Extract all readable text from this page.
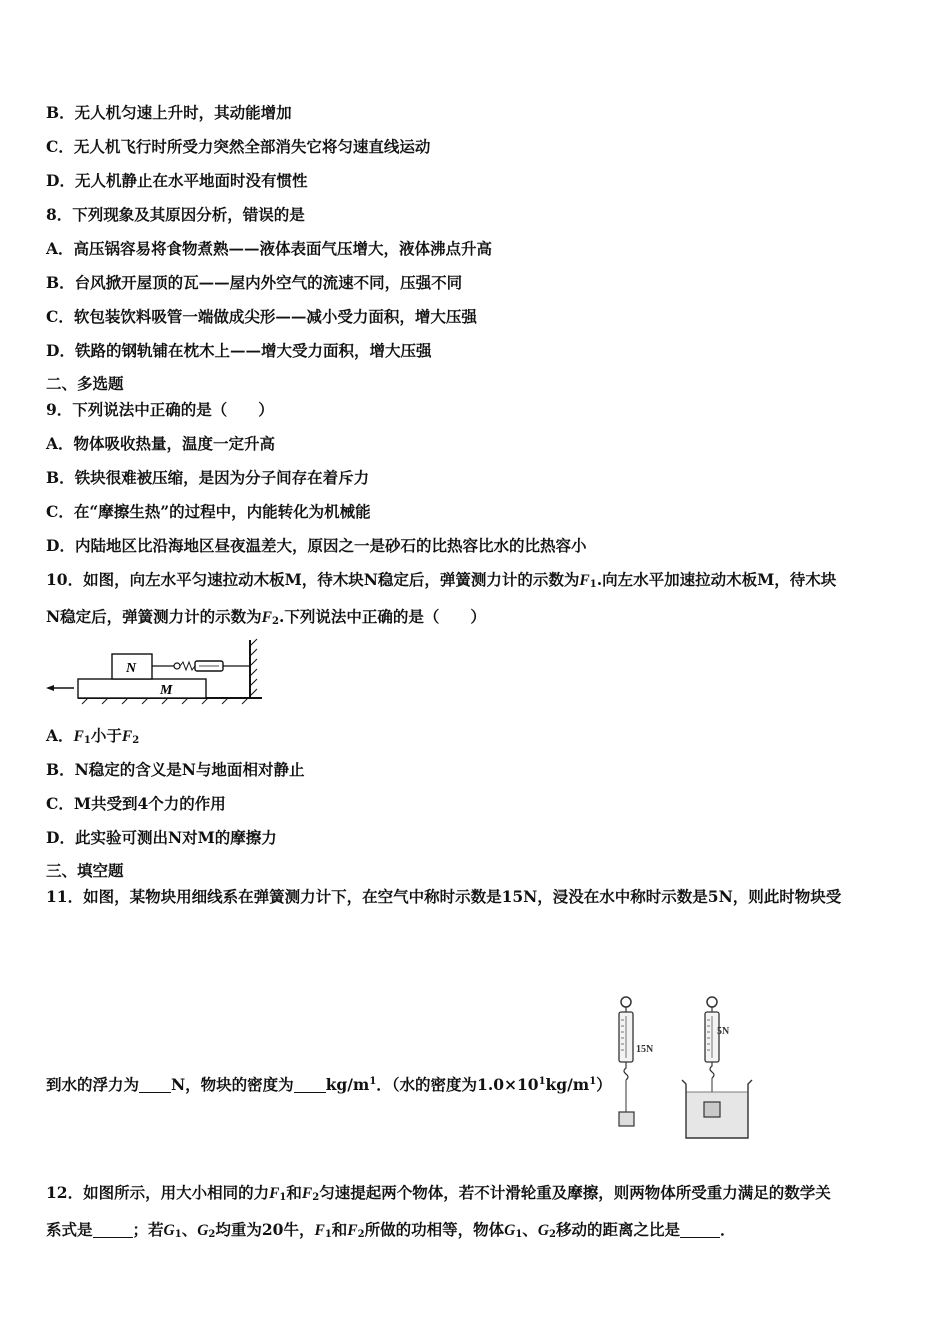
B．无人机匀速上升时，其动能增加
C．无人机飞行时所受力突然全部消失它将匀速直线运动
D．无人机静止在水平地面时没有惯性
8．下列现象及其原因分析，错误的是
A．高压锅容易将食物煮熟——液体表面气压增大，液体沸点升高
B．台风掀开屋顶的瓦——屋内外空气的流速不同，压强不同
C．软包装饮料吸管一端做成尖形——减小受力面积，增大压强
D．铁路的钢轨铺在枕木上——增大受力面积，增大压强
二、多选题
9．下列说法中正确的是（　　）
A．物体吸收热量，温度一定升高
B．铁块很难被压缩，是因为分子间存在着斥力
C．在“摩擦生热”的过程中，内能转化为机械能
D．内陆地区比沿海地区昼夜温差大，原因之一是砂石的比热容比水的比热容小
10．如图，向左水平匀速拉动木板M，待木块N稳定后，弹簧测力计的示数为$F_1$.向左水平加速拉动木板M，待木块
N稳定后，弹簧测力计的示数为$F_2$.下列说法中正确的是（　　）
M
N
A．$F_1$小于$F_2$
B．N稳定的含义是N与地面相对静止
C．M共受到4个力的作用
D．此实验可测出N对M的摩擦力
三、填空题
11．如图，某物块用细线系在弹簧测力计下，在空气中称时示数是15N，浸没在水中称时示数是5N，则此时物块受
到水的浮力为 N，物块的密度为 $kg/m^1$．（水的密度为$1.0\times 10^1kg/m^1$）
15N
5N
12．如图所示，用大小相同的力$F_1$和$F_2$匀速提起两个物体，若不计滑轮重及摩擦，则两物体所受重力满足的数学关
系式是	；若$G_1$、$G_2$均重为20牛，$F_1$和$F_2$所做的功相等，物体$G_1$、$G_2$移动的距离之比是	．
